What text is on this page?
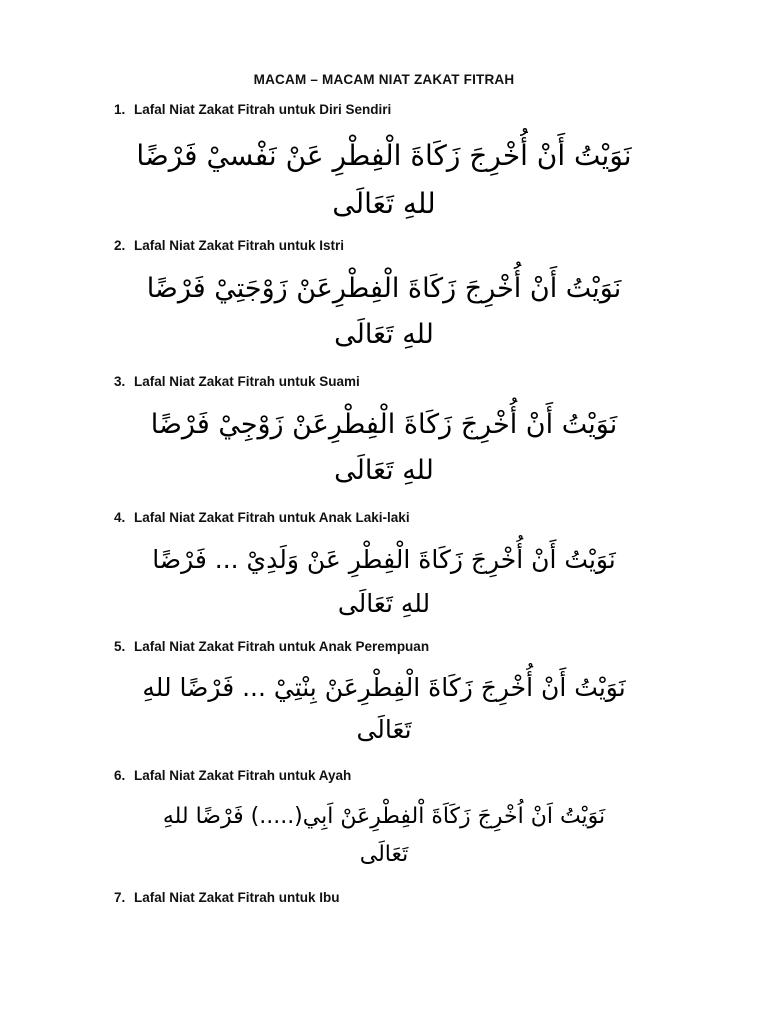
MACAM – MACAM NIAT ZAKAT FITRAH
1. Lafal Niat Zakat Fitrah untuk Diri Sendiri
نَوَيْتُ أَنْ أُخْرِجَ زَكَاةَ الْفِطْرِ عَنْ نَفْسيْ فَرْضًا
للهِ تَعَالَى
2. Lafal Niat Zakat Fitrah untuk Istri
نَوَيْتُ أَنْ أُخْرِجَ زَكَاةَ الْفِطْرِعَنْ زَوْجَتِيْ فَرْضًا
للهِ تَعَالَى
3. Lafal Niat Zakat Fitrah untuk Suami
نَوَيْتُ أَنْ أُخْرِجَ زَكَاةَ الْفِطْرِعَنْ زَوْجِيْ فَرْضًا
للهِ تَعَالَى
4. Lafal Niat Zakat Fitrah untuk Anak Laki-laki
نَوَيْتُ أَنْ أُخْرِجَ زَكَاةَ الْفِطْرِ عَنْ وَلَدِيْ ... فَرْضًا
للهِ تَعَالَى
5. Lafal Niat Zakat Fitrah untuk Anak Perempuan
نَوَيْتُ أَنْ أُخْرِجَ زَكَاةَ الْفِطْرِعَنْ بِنْتِيْ ... فَرْضًا للهِ
تَعَالَى
6. Lafal Niat Zakat Fitrah untuk Ayah
نَوَيْتُ اَنْ اُخْرِجَ زَكَاَةَ اْلفِطْرِعَنْ اَبِي(.....) فَرْضًا للهِ
تَعَالَى
7. Lafal Niat Zakat Fitrah untuk Ibu
